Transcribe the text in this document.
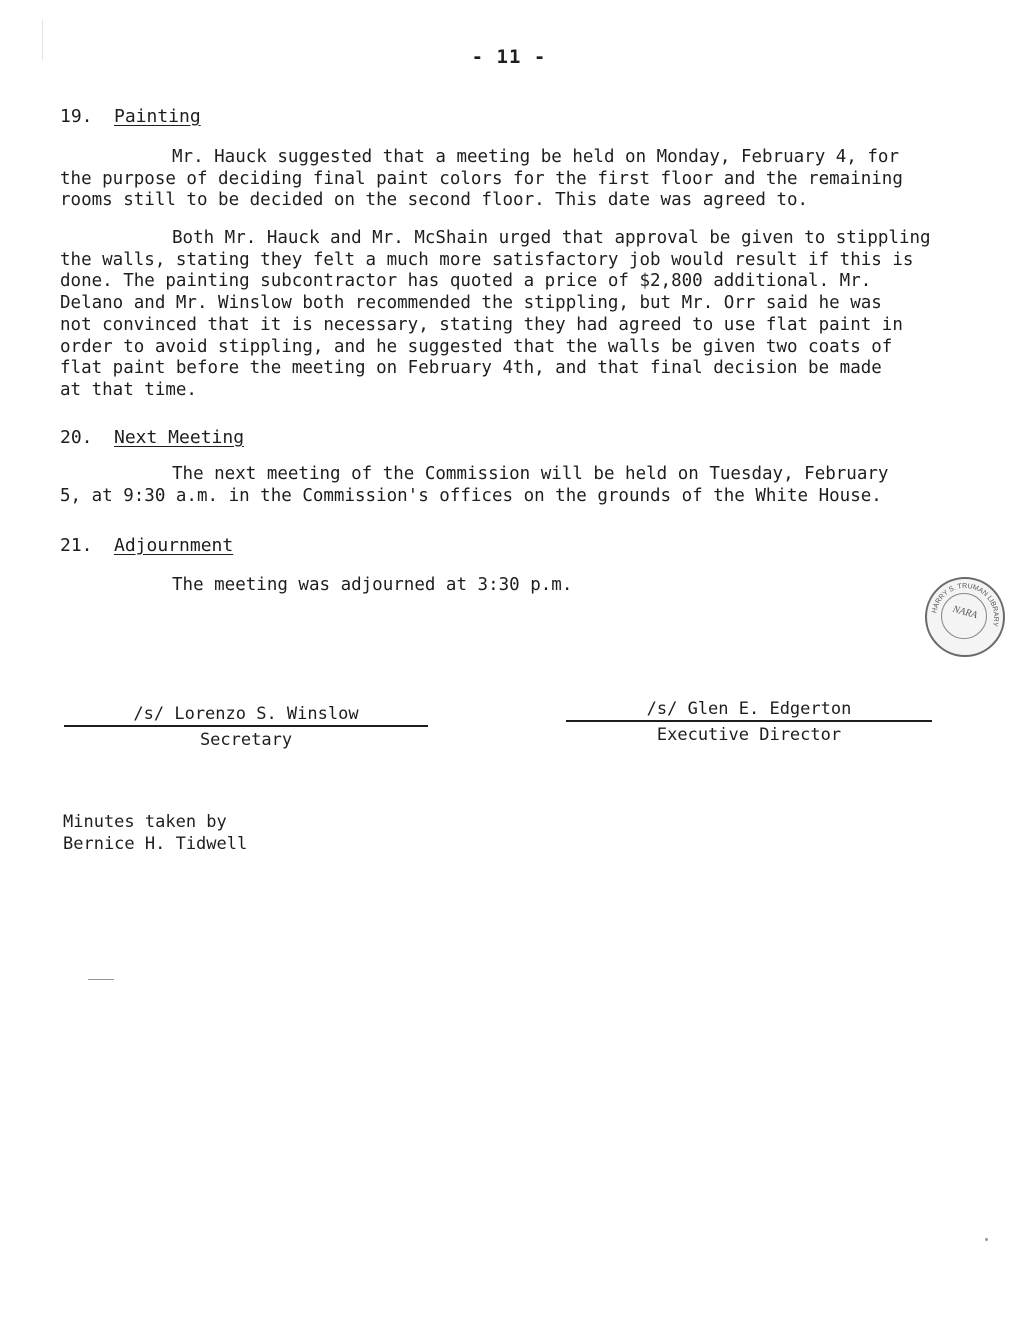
- 11 -
19. Painting

Mr. Hauck suggested that a meeting be held on Monday, February 4, for
the purpose of deciding final paint colors for the first floor and the remaining
rooms still to be decided on the second floor. This date was agreed to.

Both Mr. Hauck and Mr. McShain urged that approval be given to stippling
the walls, stating they felt a much more satisfactory job would result if this is
done. The painting subcontractor has quoted a price of $2,800 additional. Mr.
Delano and Mr. Winslow both recommended the stippling, but Mr. Orr said he was
not convinced that it is necessary, stating they had agreed to use flat paint in
order to avoid stippling, and he suggested that the walls be given two coats of
flat paint before the meeting on February 4th, and that final decision be made
at that time.

20. Next Meeting

The next meeting of the Commission will be held on Tuesday, February
5, at 9:30 a.m. in the Commission's offices on the grounds of the White House.

21. Adjournment

The meeting was adjourned at 3:30 p.m.

HARRY S. TRUMAN LIBRARY
NARA
/s/ Lorenzo S. Winslow
Secretary
/s/ Glen E. Edgerton
Executive Director
Minutes taken by
Bernice H. Tidwell
